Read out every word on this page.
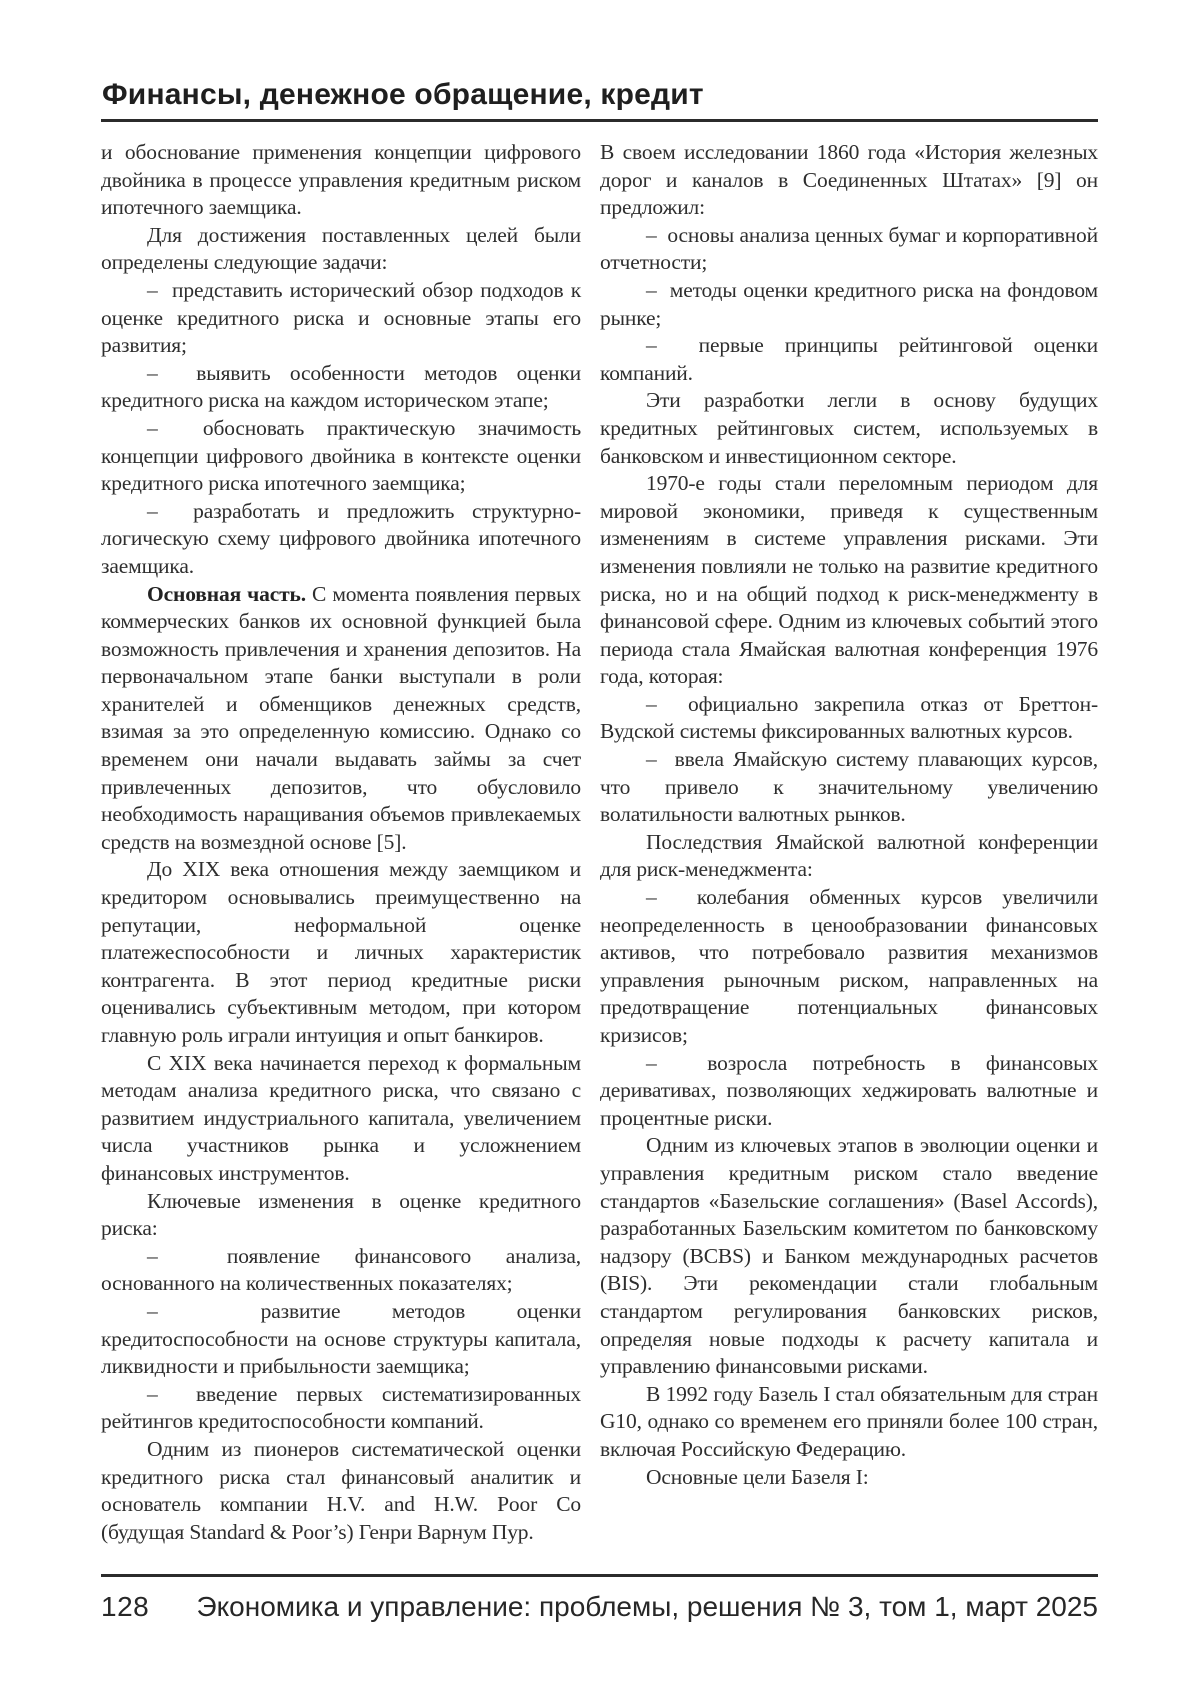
Финансы, денежное обращение, кредит

и обоснование применения концепции цифрового двойника в процессе управления кредитным риском ипотечного заемщика.

Для достижения поставленных целей были определены следующие задачи:

–  представить исторический обзор подходов к оценке кредитного риска и основные этапы его развития;

–  выявить особенности методов оценки кредитного риска на каждом историческом этапе;

–  обосновать практическую значимость концепции цифрового двойника в контексте оценки кредитного риска ипотечного заемщика;

–  разработать и предложить структурно-логическую схему цифрового двойника ипотечного заемщика.

Основная часть. С момента появления первых коммерческих банков их основной функцией была возможность привлечения и хранения депозитов. На первоначальном этапе банки выступали в роли хранителей и обменщиков денежных средств, взимая за это определенную комиссию. Однако со временем они начали выдавать займы за счет привлеченных депозитов, что обусловило необходимость наращивания объемов привлекаемых средств на возмездной основе [5].

До XIX века отношения между заемщиком и кредитором основывались преимущественно на репутации, неформальной оценке платежеспособности и личных характеристик контрагента. В этот период кредитные риски оценивались субъективным методом, при котором главную роль играли интуиция и опыт банкиров.

С XIX века начинается переход к формальным методам анализа кредитного риска, что связано с развитием индустриального капитала, увеличением числа участников рынка и усложнением финансовых инструментов.

Ключевые изменения в оценке кредитного риска:

–  появление финансового анализа, основанного на количественных показателях;

–  развитие методов оценки кредитоспособности на основе структуры капитала, ликвидности и прибыльности заемщика;

–  введение первых систематизированных рейтингов кредитоспособности компаний.

Одним из пионеров систематической оценки кредитного риска стал финансовый аналитик и основатель компании H.V. and H.W. Poor Co (будущая Standard & Poor’s) Генри Варнум Пур.

В своем исследовании 1860 года «История железных дорог и каналов в Соединенных Штатах» [9] он предложил:

–  основы анализа ценных бумаг и корпоративной отчетности;

–  методы оценки кредитного риска на фондовом рынке;

–  первые принципы рейтинговой оценки компаний.

Эти разработки легли в основу будущих кредитных рейтинговых систем, используемых в банковском и инвестиционном секторе.

1970-е годы стали переломным периодом для мировой экономики, приведя к существенным изменениям в системе управления рисками. Эти изменения повлияли не только на развитие кредитного риска, но и на общий подход к риск-менеджменту в финансовой сфере. Одним из ключевых событий этого периода стала Ямайская валютная конференция 1976 года, которая:

–  официально закрепила отказ от Бреттон-Вудской системы фиксированных валютных курсов.

–  ввела Ямайскую систему плавающих курсов, что привело к значительному увеличению волатильности валютных рынков.

Последствия Ямайской валютной конференции для риск-менеджмента:

–  колебания обменных курсов увеличили неопределенность в ценообразовании финансовых активов, что потребовало развития механизмов управления рыночным риском, направленных на предотвращение потенциальных финансовых кризисов;

–  возросла потребность в финансовых деривативах, позволяющих хеджировать валютные и процентные риски.

Одним из ключевых этапов в эволюции оценки и управления кредитным риском стало введение стандартов «Базельские соглашения» (Basel Accords), разработанных Базельским комитетом по банковскому надзору (BCBS) и Банком международных расчетов (BIS). Эти рекомендации стали глобальным стандартом регулирования банковских рисков, определяя новые подходы к расчету капитала и управлению финансовыми рисками.

В 1992 году Базель I стал обязательным для стран G10, однако со временем его приняли более 100 стран, включая Российскую Федерацию.

Основные цели Базеля I:

128 Экономика и управление: проблемы, решения № 3, том 1, март 2025
